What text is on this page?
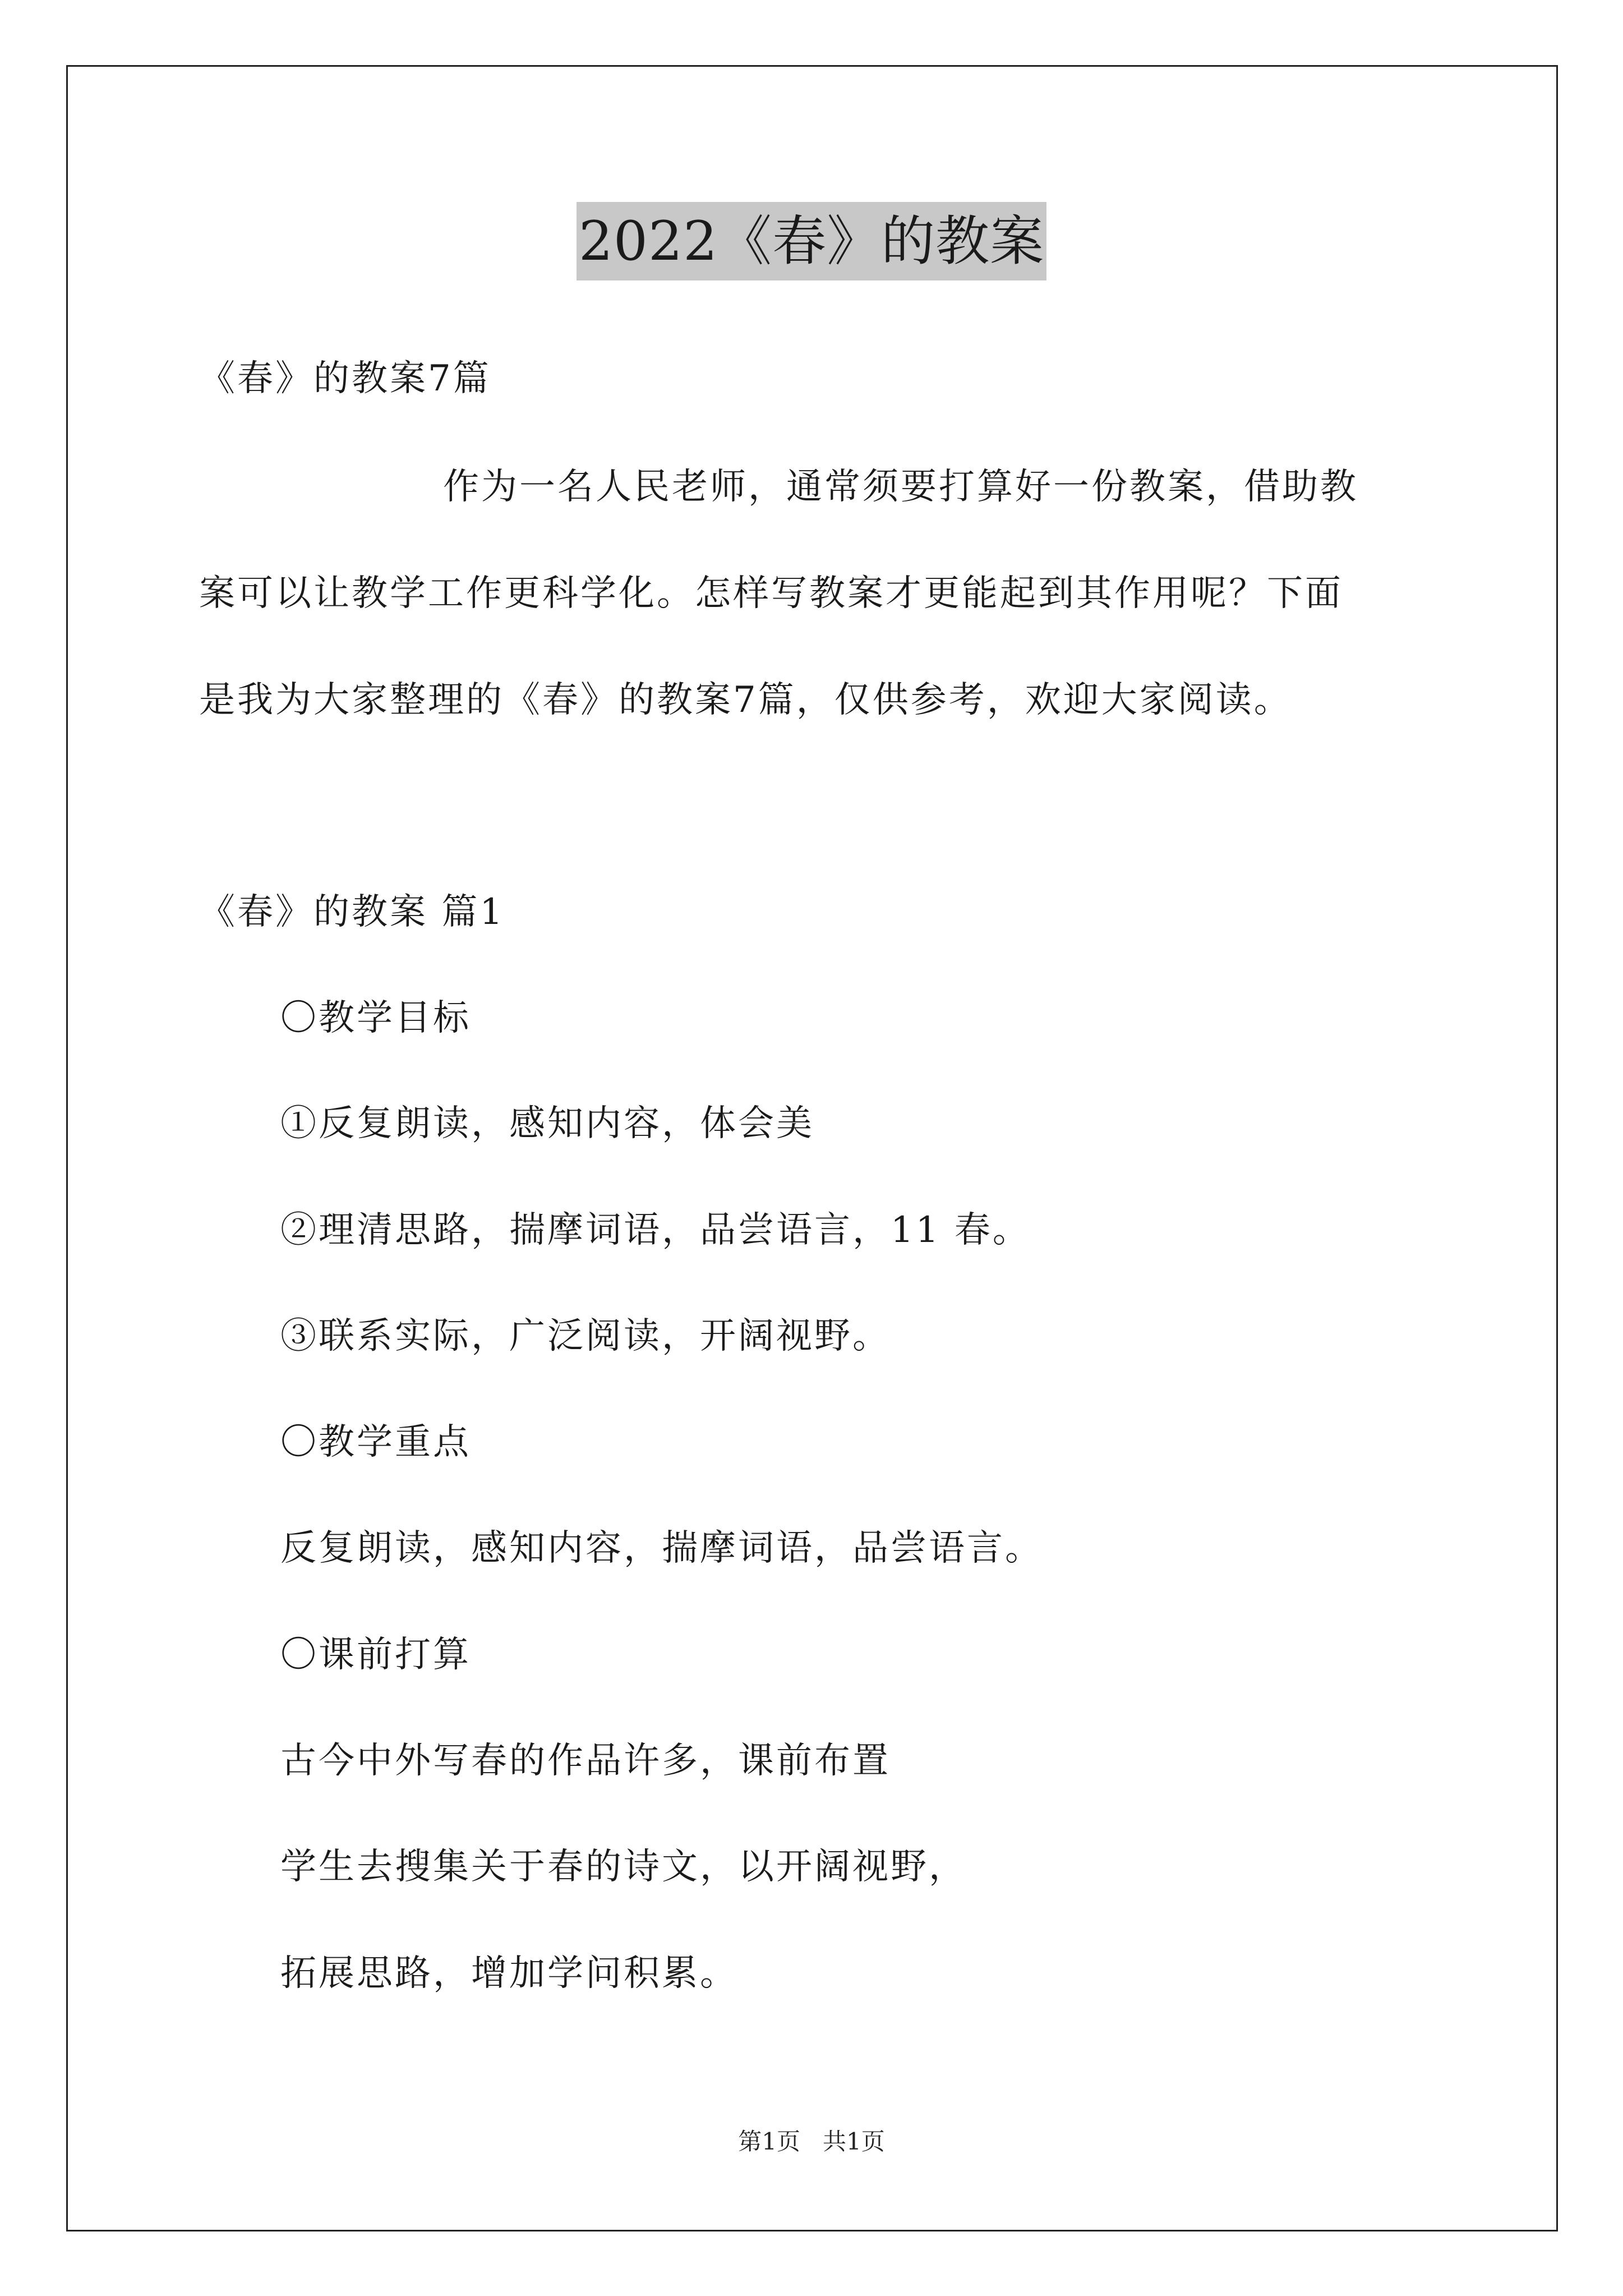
2022《春》的教案
《春》的教案7篇
作为一名人民老师，通常须要打算好一份教案，借助教
案可以让教学工作更科学化。怎样写教案才更能起到其作用呢？下面
是我为大家整理的《春》的教案7篇，仅供参考，欢迎大家阅读。
《春》的教案 篇1
〇教学目标
①反复朗读，感知内容，体会美
②理清思路，揣摩词语，品尝语言，11 春。
③联系实际，广泛阅读，开阔视野。
〇教学重点
反复朗读，感知内容，揣摩词语，品尝语言。
〇课前打算
古今中外写春的作品许多，课前布置
学生去搜集关于春的诗文，以开阔视野，
拓展思路，增加学问积累。
第1页   共1页
